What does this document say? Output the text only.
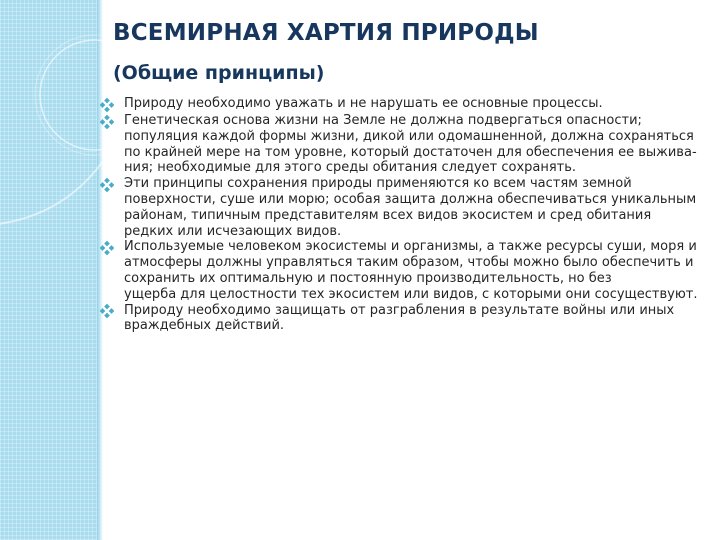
ВСЕМИРНАЯ ХАРТИЯ ПРИРОДЫ
(Общие принципы)
Природу необходимо уважать и не нарушать ее основные процессы.
Генетическая основа жизни на Земле не должна подвергаться опасности; популяция каждой формы жизни, дикой или одомашненной, должна сохраняться
по крайней мере на том уровне, который достаточен для обеспечения ее выжива-ния; необходимые для этого среды обитания следует сохранять.
Эти принципы сохранения природы применяются ко всем частям земной поверхности, суше или морю; особая защита должна обеспечиваться уникальным районам, типичным представителям всех видов экосистем и сред обитания редких или исчезающих видов.
Используемые человеком экосистемы и организмы, а также ресурсы суши, моря и атмосферы должны управляться таким образом, чтобы можно было обеспечить и сохранить их оптимальную и постоянную производительность, но без
ущерба для целостности тех экосистем или видов, с которыми они сосуществуют.
Природу необходимо защищать от разграбления в результате войны или иных враждебных действий.
